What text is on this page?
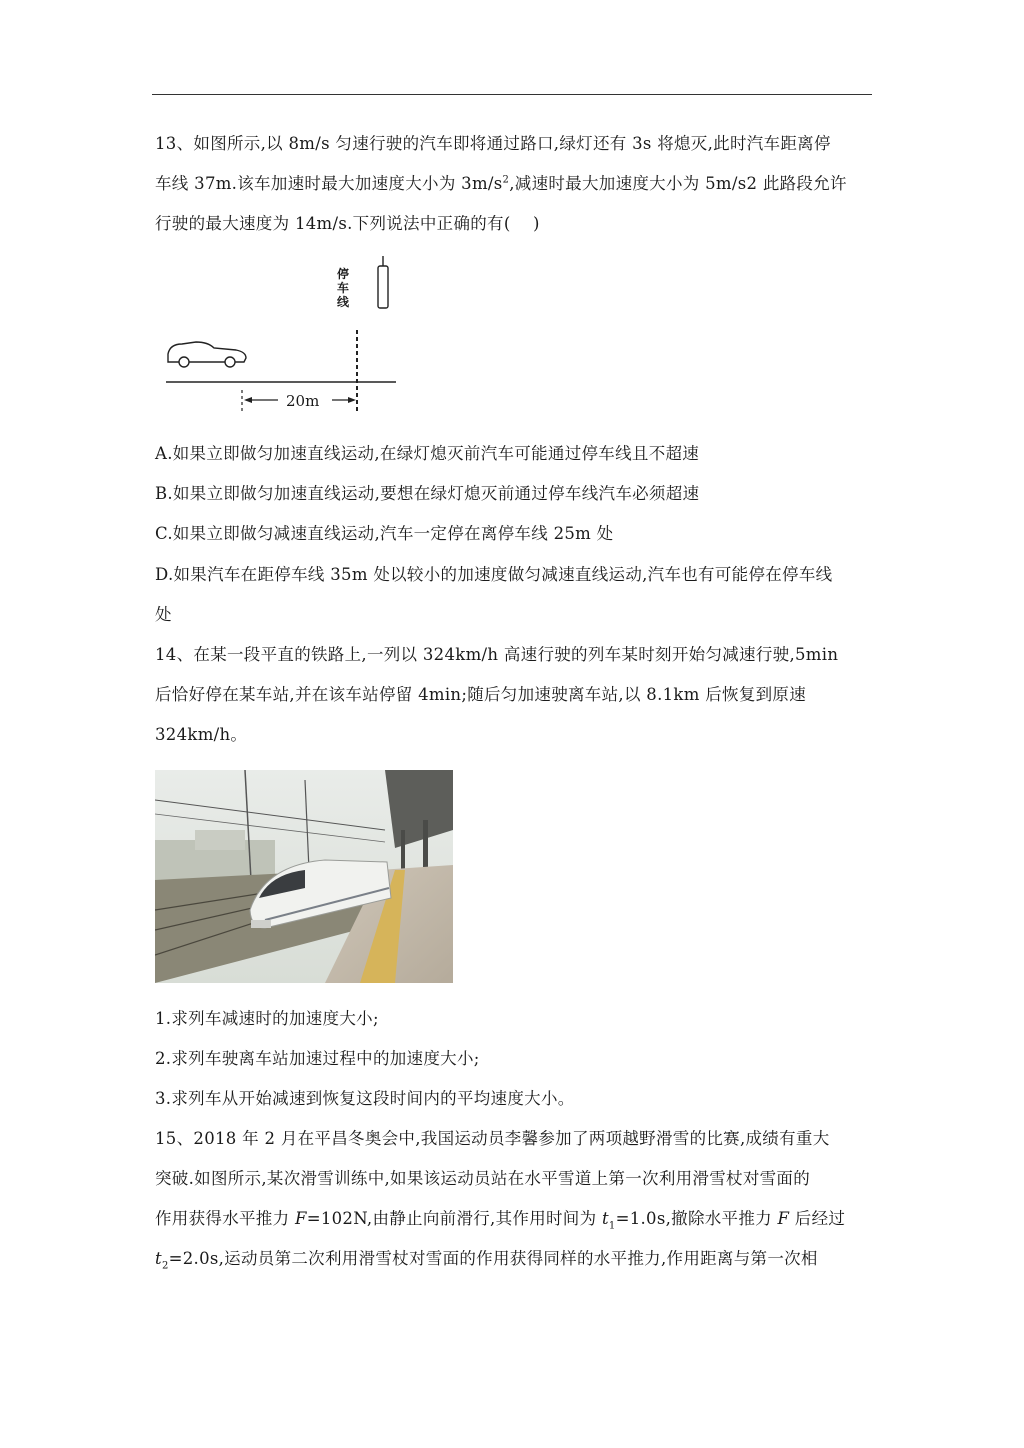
13、如图所示,以 8m/s 匀速行驶的汽车即将通过路口,绿灯还有 3s 将熄灭,此时汽车距离停
车线 37m.该车加速时最大加速度大小为 $3m/s^2$,减速时最大加速度大小为 5m/s2 此路段允许
行驶的最大速度为 14m/s.下列说法中正确的有(　 )
停车线
20m
A.如果立即做匀加速直线运动,在绿灯熄灭前汽车可能通过停车线且不超速
B.如果立即做匀加速直线运动,要想在绿灯熄灭前通过停车线汽车必须超速
C.如果立即做匀减速直线运动,汽车一定停在离停车线 25m 处
D.如果汽车在距停车线 35m 处以较小的加速度做匀减速直线运动,汽车也有可能停在停车线
处
14、在某一段平直的铁路上,一列以 324km/h 高速行驶的列车某时刻开始匀减速行驶,5min
后恰好停在某车站,并在该车站停留 4min;随后匀加速驶离车站,以 8.1km 后恢复到原速
324km/h。
1.求列车减速时的加速度大小;
2.求列车驶离车站加速过程中的加速度大小;
3.求列车从开始减速到恢复这段时间内的平均速度大小。
15、2018 年 2 月在平昌冬奥会中,我国运动员李馨参加了两项越野滑雪的比赛,成绩有重大
突破.如图所示,某次滑雪训练中,如果该运动员站在水平雪道上第一次利用滑雪杖对雪面的
作用获得水平推力 F=102N,由静止向前滑行,其作用时间为 $t_1=1.0s$,撤除水平推力 F 后经过
$t_2=2.0s$,运动员第二次利用滑雪杖对雪面的作用获得同样的水平推力,作用距离与第一次相
